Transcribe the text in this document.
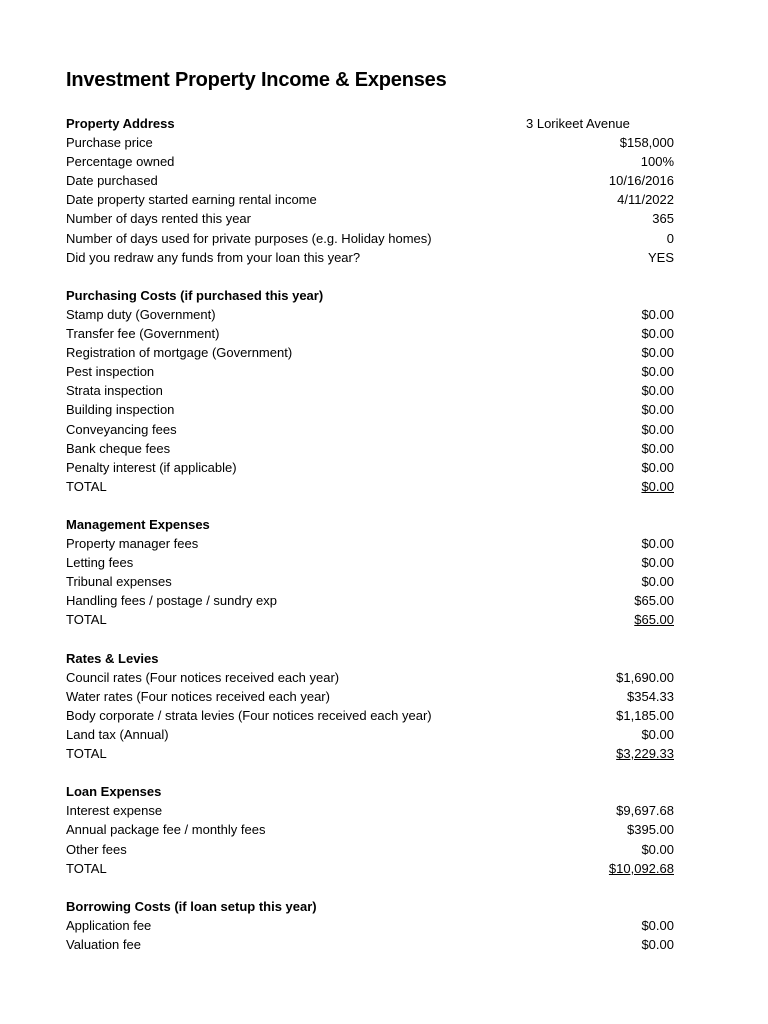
Investment Property Income & Expenses
Property Address	3 Lorikeet Avenue
Purchase price	$158,000
Percentage owned	100%
Date purchased	10/16/2016
Date property started earning rental income	4/11/2022
Number of days rented this year	365
Number of days used for private purposes (e.g. Holiday homes)	0
Did you redraw any funds from your loan this year?	YES
Purchasing Costs (if purchased this year)
Stamp duty (Government)	$0.00
Transfer fee (Government)	$0.00
Registration of mortgage (Government)	$0.00
Pest inspection	$0.00
Strata inspection	$0.00
Building inspection	$0.00
Conveyancing fees	$0.00
Bank cheque fees	$0.00
Penalty interest (if applicable)	$0.00
TOTAL	$0.00
Management Expenses
Property manager fees	$0.00
Letting fees	$0.00
Tribunal expenses	$0.00
Handling fees / postage / sundry exp	$65.00
TOTAL	$65.00
Rates & Levies
Council rates (Four notices received each year)	$1,690.00
Water rates (Four notices received each year)	$354.33
Body corporate / strata levies (Four notices received each year)	$1,185.00
Land tax (Annual)	$0.00
TOTAL	$3,229.33
Loan Expenses
Interest expense	$9,697.68
Annual package fee / monthly fees	$395.00
Other fees	$0.00
TOTAL	$10,092.68
Borrowing Costs (if loan setup this year)
Application fee	$0.00
Valuation fee	$0.00
